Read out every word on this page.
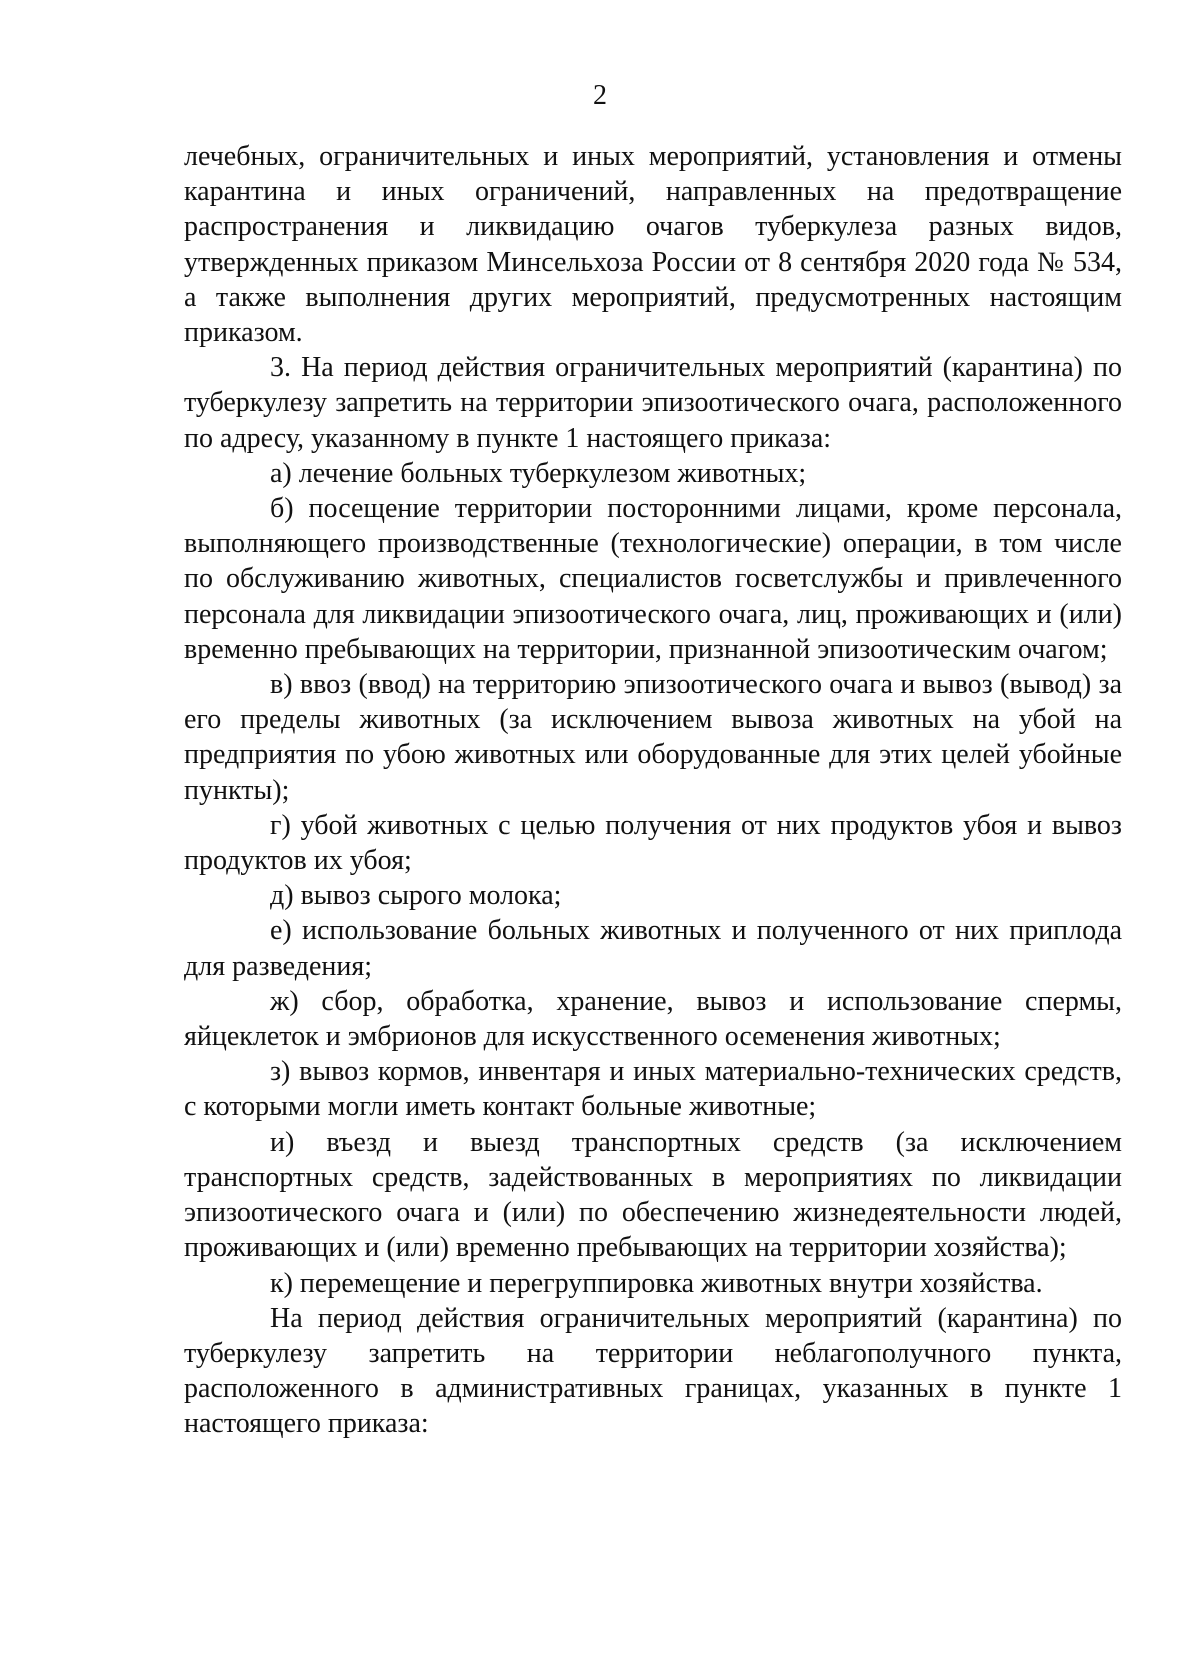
2

лечебных, ограничительных и иных мероприятий, установления и отмены карантина и иных ограничений, направленных на предотвращение распространения и ликвидацию очагов туберкулеза разных видов, утвержденных приказом Минсельхоза России от 8 сентября 2020 года № 534, а также выполнения других мероприятий, предусмотренных настоящим приказом.

3. На период действия ограничительных мероприятий (карантина) по туберкулезу запретить на территории эпизоотического очага, расположенного по адресу, указанному в пункте 1 настоящего приказа:

а) лечение больных туберкулезом животных;

б) посещение территории посторонними лицами, кроме персонала, выполняющего производственные (технологические) операции, в том числе по обслуживанию животных, специалистов госветслужбы и привлеченного персонала для ликвидации эпизоотического очага, лиц, проживающих и (или) временно пребывающих на территории, признанной эпизоотическим очагом;

в) ввоз (ввод) на территорию эпизоотического очага и вывоз (вывод) за его пределы животных (за исключением вывоза животных на убой на предприятия по убою животных или оборудованные для этих целей убойные пункты);

г) убой животных с целью получения от них продуктов убоя и вывоз продуктов их убоя;

д) вывоз сырого молока;

е) использование больных животных и полученного от них приплода для разведения;

ж) сбор, обработка, хранение, вывоз и использование спермы, яйцеклеток и эмбрионов для искусственного осеменения животных;

з) вывоз кормов, инвентаря и иных материально-технических средств, с которыми могли иметь контакт больные животные;

и) въезд и выезд транспортных средств (за исключением транспортных средств, задействованных в мероприятиях по ликвидации эпизоотического очага и (или) по обеспечению жизнедеятельности людей, проживающих и (или) временно пребывающих на территории хозяйства);

к) перемещение и перегруппировка животных внутри хозяйства.

На период действия ограничительных мероприятий (карантина) по туберкулезу запретить на территории неблагополучного пункта, расположенного в административных границах, указанных в пункте 1 настоящего приказа:
